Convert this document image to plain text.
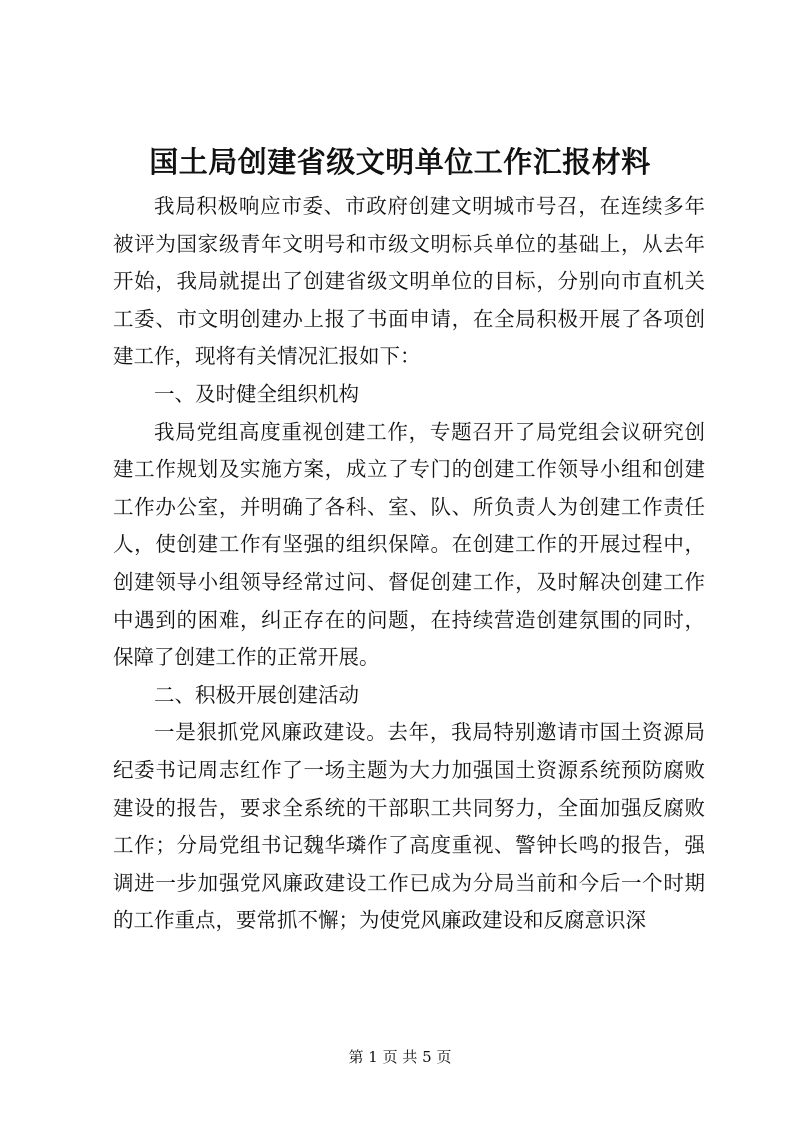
国土局创建省级文明单位工作汇报材料

我局积极响应市委、市政府创建文明城市号召，在连续多年被评为国家级青年文明号和市级文明标兵单位的基础上，从去年开始，我局就提出了创建省级文明单位的目标，分别向市直机关工委、市文明创建办上报了书面申请，在全局积极开展了各项创建工作，现将有关情况汇报如下：

一、及时健全组织机构

我局党组高度重视创建工作，专题召开了局党组会议研究创建工作规划及实施方案，成立了专门的创建工作领导小组和创建工作办公室，并明确了各科、室、队、所负责人为创建工作责任人，使创建工作有坚强的组织保障。在创建工作的开展过程中，创建领导小组领导经常过问、督促创建工作，及时解决创建工作中遇到的困难，纠正存在的问题，在持续营造创建氛围的同时，保障了创建工作的正常开展。

二、积极开展创建活动

一是狠抓党风廉政建设。去年，我局特别邀请市国土资源局纪委书记周志红作了一场主题为大力加强国土资源系统预防腐败建设的报告，要求全系统的干部职工共同努力，全面加强反腐败工作；分局党组书记魏华璘作了高度重视、警钟长鸣的报告，强调进一步加强党风廉政建设工作已成为分局当前和今后一个时期的工作重点，要常抓不懈；为使党风廉政建设和反腐意识深

第 1 页 共 5 页
